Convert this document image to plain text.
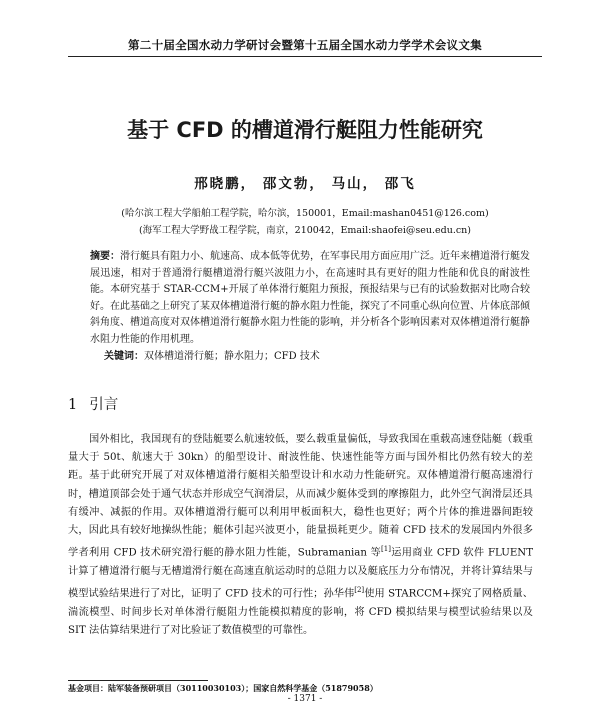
第二十届全国水动力学研讨会暨第十五届全国水动力学学术会议文集
基于 CFD 的槽道滑行艇阻力性能研究
邢晓鹏， 邵文勃， 马山， 邵飞
(哈尔滨工程大学船舶工程学院，哈尔滨，150001，Email:mashan0451@126.com)
(海军工程大学野战工程学院，南京，210042，Email:shaofei@seu.edu.cn)
摘要：滑行艇具有阻力小、航速高、成本低等优势，在军事民用方面应用广泛。近年来槽道滑行艇发展迅速，相对于普通滑行艇槽道滑行艇兴波阻力小，在高速时具有更好的阻力性能和优良的耐波性能。本研究基于 STAR-CCM+开展了单体滑行艇阻力预报，预报结果与已有的试验数据对比吻合较好。在此基础之上研究了某双体槽道滑行艇的静水阻力性能，探究了不同重心纵向位置、片体底部倾斜角度、槽道高度对双体槽道滑行艇静水阻力性能的影响，并分析各个影响因素对双体槽道滑行艇静水阻力性能的作用机理。
关键词：双体槽道滑行艇；静水阻力；CFD 技术
1 引言
国外相比，我国现有的登陆艇要么航速较低，要么载重量偏低，导致我国在重载高速登陆艇（载重量大于 50t、航速大于 30kn）的船型设计、耐波性能、快速性能等方面与国外相比仍然有较大的差距。基于此研究开展了对双体槽道滑行艇相关船型设计和水动力性能研究。双体槽道滑行艇高速滑行时，槽道顶部会处于通气状态并形成空气润滑层，从而减少艇体受到的摩擦阻力，此外空气润滑层还具有缓冲、减振的作用。双体槽道滑行艇可以利用甲板面积大，稳性也更好；两个片体的推进器间距较大，因此具有较好地操纵性能；艇体引起兴波更小，能量损耗更少。随着 CFD 技术的发展国内外很多学者利用 CFD 技术研究滑行艇的静水阻力性能，Subramanian 等[1]运用商业 CFD 软件 FLUENT 计算了槽道滑行艇与无槽道滑行艇在高速直航运动时的总阻力以及艇底压力分布情况，并将计算结果与模型试验结果进行了对比，证明了 CFD 技术的可行性；孙华伟[2]使用 STARCCM+探究了网格质量、湍流模型、时间步长对单体滑行艇阻力性能模拟精度的影响，将 CFD 模拟结果与模型试验结果以及 SIT 法估算结果进行了对比验证了数值模型的可靠性。
基金项目：陆军装备预研项目（30110030103）；国家自然科学基金（51879058）
- 1371 -
